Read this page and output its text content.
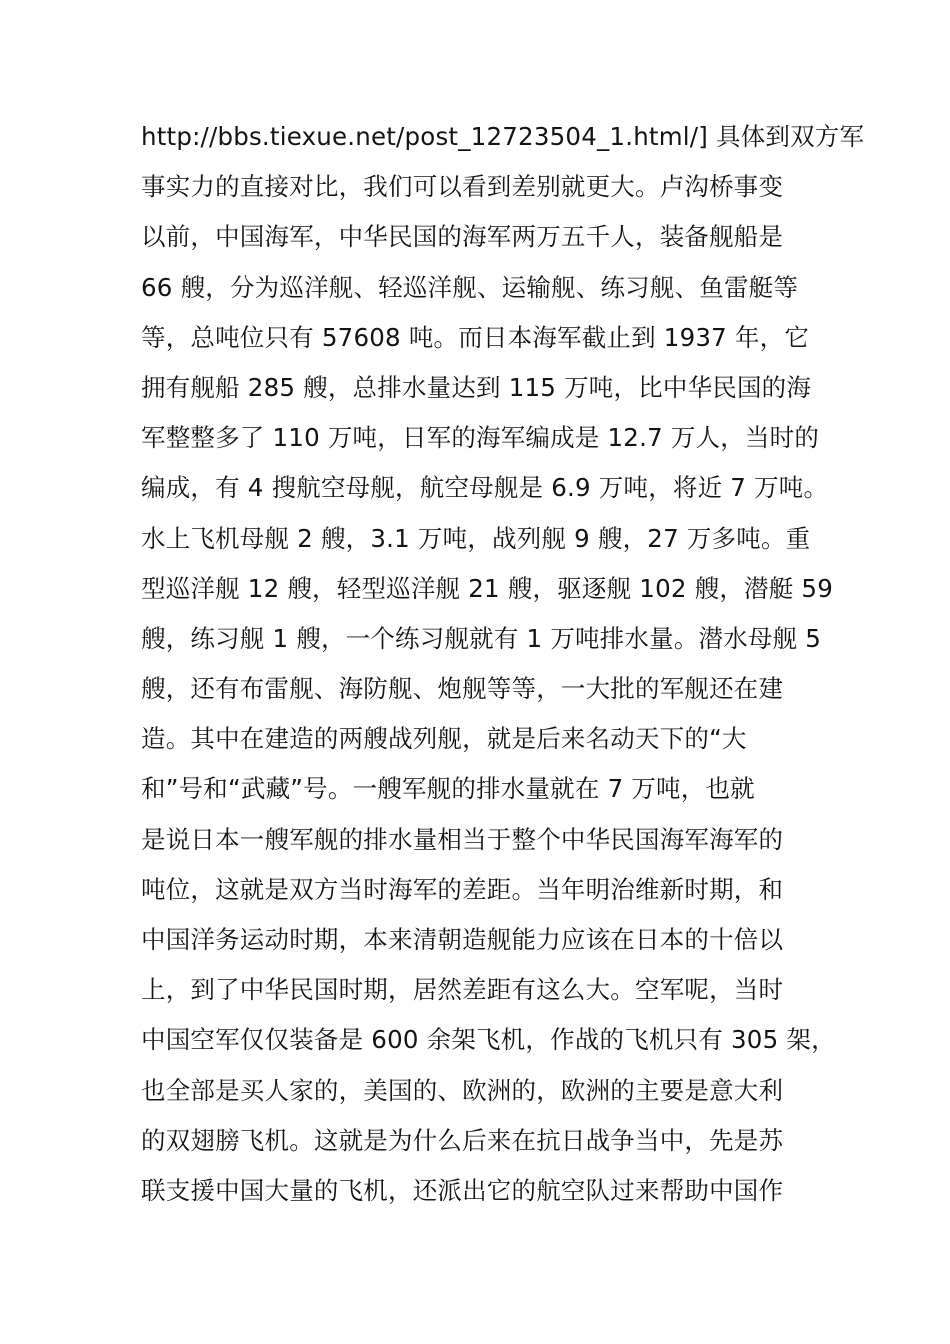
http://bbs.tiexue.net/post_12723504_1.html/] 具体到双方军
事实力的直接对比，我们可以看到差别就更大。卢沟桥事变
以前，中国海军，中华民国的海军两万五千人，装备舰船是
66 艘，分为巡洋舰、轻巡洋舰、运输舰、练习舰、鱼雷艇等
等，总吨位只有 57608 吨。而日本海军截止到 1937 年，它
拥有舰船 285 艘，总排水量达到 115 万吨，比中华民国的海
军整整多了 110 万吨，日军的海军编成是 12.7 万人，当时的
编成，有 4 搜航空母舰，航空母舰是 6.9 万吨，将近 7 万吨。
水上飞机母舰 2 艘，3.1 万吨，战列舰 9 艘，27 万多吨。重
型巡洋舰 12 艘，轻型巡洋舰 21 艘，驱逐舰 102 艘，潜艇 59
艘，练习舰 1 艘，一个练习舰就有 1 万吨排水量。潜水母舰 5
艘，还有布雷舰、海防舰、炮舰等等，一大批的军舰还在建
造。其中在建造的两艘战列舰，就是后来名动天下的“大
和”号和“武藏”号。一艘军舰的排水量就在 7 万吨，也就
是说日本一艘军舰的排水量相当于整个中华民国海军海军的
吨位，这就是双方当时海军的差距。当年明治维新时期，和
中国洋务运动时期，本来清朝造舰能力应该在日本的十倍以
上，到了中华民国时期，居然差距有这么大。空军呢，当时
中国空军仅仅装备是 600 余架飞机，作战的飞机只有 305 架，
也全部是买人家的，美国的、欧洲的，欧洲的主要是意大利
的双翅膀飞机。这就是为什么后来在抗日战争当中，先是苏
联支援中国大量的飞机，还派出它的航空队过来帮助中国作
